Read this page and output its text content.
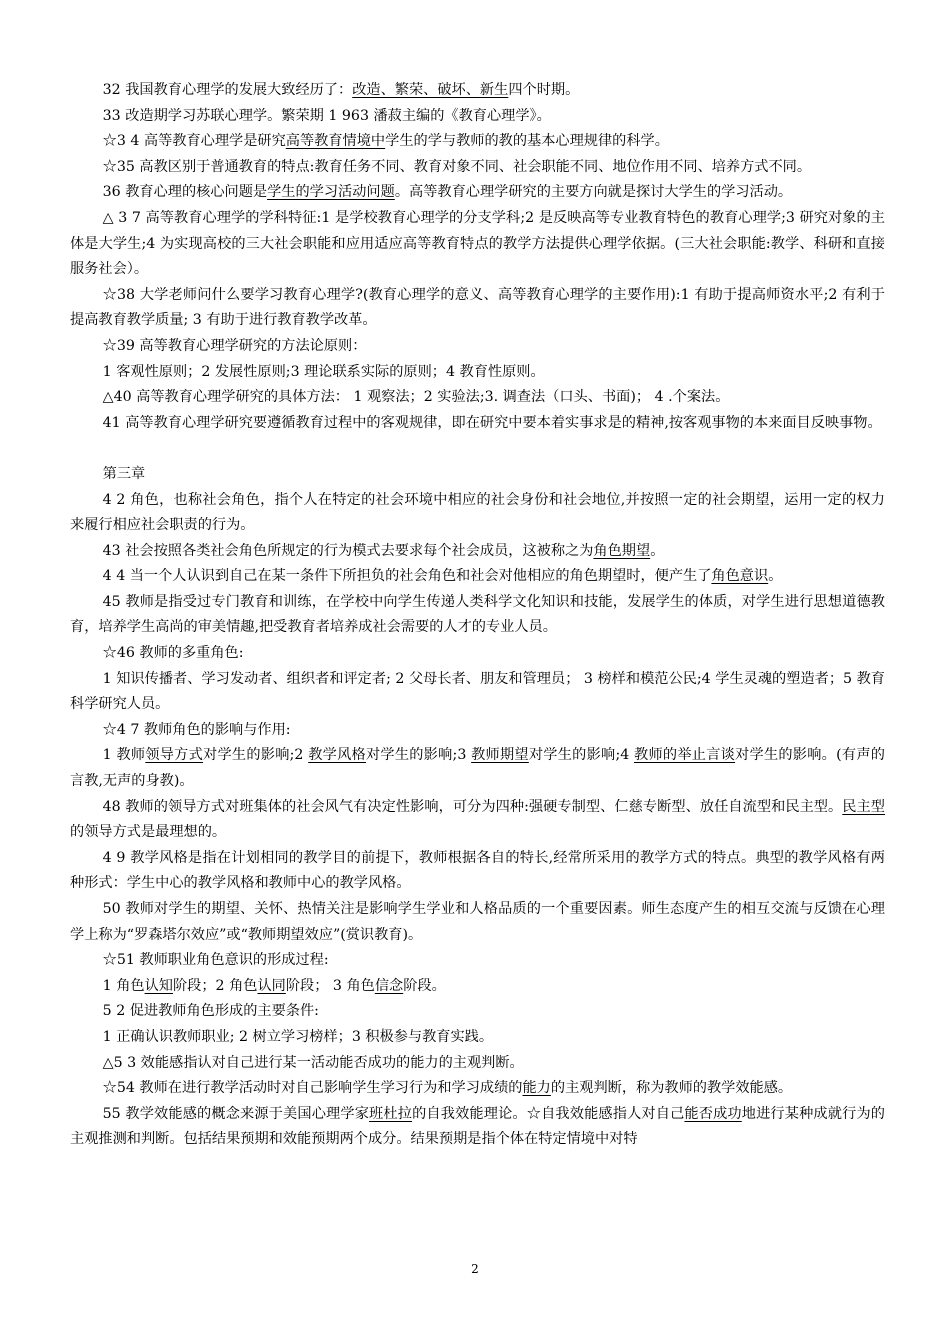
32 我国教育心理学的发展大致经历了：改造、繁荣、破坏、新生四个时期。

33 改造期学习苏联心理学。繁荣期 1 963 潘菽主编的《教育心理学》。

☆3 4 高等教育心理学是研究高等教育情境中学生的学与教师的教的基本心理规律的科学。

☆35 高教区别于普通教育的特点:教育任务不同、教育对象不同、社会职能不同、地位作用不同、培养方式不同。

36 教育心理的核心问题是学生的学习活动问题。高等教育心理学研究的主要方向就是探讨大学生的学习活动。

△ 3 7 高等教育心理学的学科特征:1 是学校教育心理学的分支学科;2 是反映高等专业教育特色的教育心理学;3 研究对象的主体是大学生;4 为实现高校的三大社会职能和应用适应高等教育特点的教学方法提供心理学依据。(三大社会职能:教学、科研和直接服务社会）。

☆38 大学老师问什么要学习教育心理学?(教育心理学的意义、高等教育心理学的主要作用):1 有助于提高师资水平;2 有利于提高教育教学质量; 3 有助于进行教育教学改革。

☆39 高等教育心理学研究的方法论原则：

1 客观性原则；2 发展性原则;3 理论联系实际的原则；4 教育性原则。

△40 高等教育心理学研究的具体方法： 1 观察法；2 实验法;3. 调查法（口头、书面)； 4 .个案法。

41 高等教育心理学研究要遵循教育过程中的客观规律，即在研究中要本着实事求是的精神,按客观事物的本来面目反映事物。

第三章

4 2 角色，也称社会角色，指个人在特定的社会环境中相应的社会身份和社会地位,并按照一定的社会期望，运用一定的权力来履行相应社会职责的行为。

43 社会按照各类社会角色所规定的行为模式去要求每个社会成员，这被称之为角色期望。

4 4 当一个人认识到自己在某一条件下所担负的社会角色和社会对他相应的角色期望时，便产生了角色意识。

45 教师是指受过专门教育和训练，在学校中向学生传递人类科学文化知识和技能，发展学生的体质，对学生进行思想道德教育，培养学生高尚的审美情趣,把受教育者培养成社会需要的人才的专业人员。

☆46 教师的多重角色:

1 知识传播者、学习发动者、组织者和评定者; 2 父母长者、朋友和管理员； 3 榜样和模范公民;4 学生灵魂的塑造者；5 教育科学研究人员。

☆4 7 教师角色的影响与作用:

1 教师领导方式对学生的影响;2 教学风格对学生的影响;3 教师期望对学生的影响;4 教师的举止言谈对学生的影响。(有声的言教,无声的身教)。

48 教师的领导方式对班集体的社会风气有决定性影响，可分为四种:强硬专制型、仁慈专断型、放任自流型和民主型。民主型的领导方式是最理想的。

4 9 教学风格是指在计划相同的教学目的前提下，教师根据各自的特长,经常所采用的教学方式的特点。典型的教学风格有两种形式：学生中心的教学风格和教师中心的教学风格。

50 教师对学生的期望、关怀、热情关注是影响学生学业和人格品质的一个重要因素。师生态度产生的相互交流与反馈在心理学上称为“罗森塔尔效应”或“教师期望效应”(赏识教育)。

☆51 教师职业角色意识的形成过程:

1 角色认知阶段；2 角色认同阶段； 3 角色信念阶段。

5 2 促进教师角色形成的主要条件:

1 正确认识教师职业; 2 树立学习榜样；3 积极参与教育实践。

△5 3 效能感指认对自己进行某一活动能否成功的能力的主观判断。

☆54 教师在进行教学活动时对自己影响学生学习行为和学习成绩的能力的主观判断，称为教师的教学效能感。

55 教学效能感的概念来源于美国心理学家班杜拉的自我效能理论。☆自我效能感指人对自己能否成功地进行某种成就行为的主观推测和判断。包括结果预期和效能预期两个成分。结果预期是指个体在特定情境中对特

2
